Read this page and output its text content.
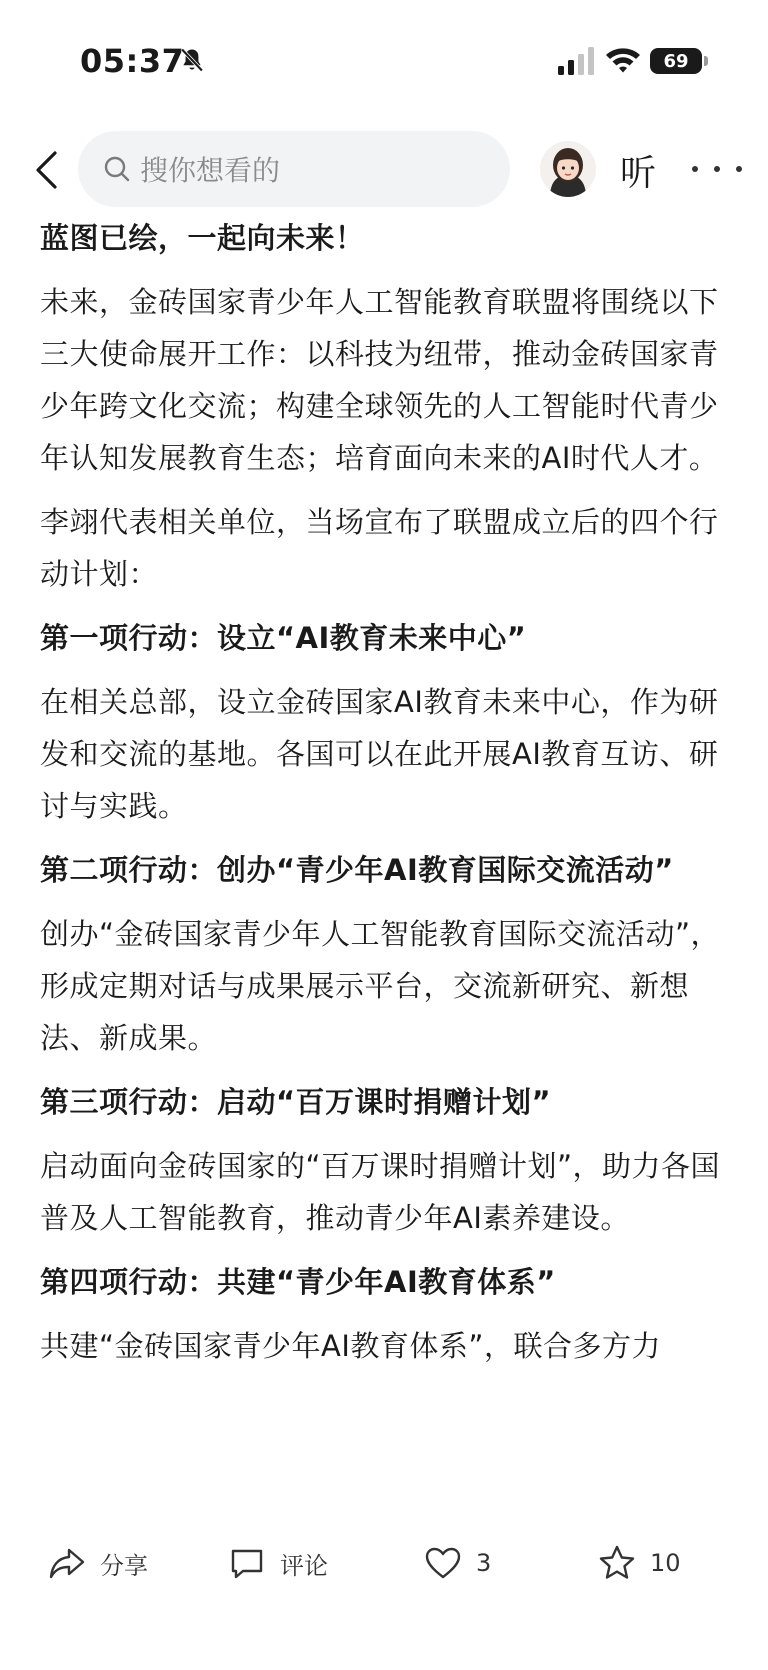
05:37	69
搜你想看的	听

蓝图已绘，一起向未来！

未来，金砖国家青少年人工智能教育联盟将围绕以下三大使命展开工作：以科技为纽带，推动金砖国家青少年跨文化交流；构建全球领先的人工智能时代青少年认知发展教育生态；培育面向未来的AI时代人才。

李翊代表相关单位，当场宣布了联盟成立后的四个行动计划：

第一项行动：设立“AI教育未来中心”

在相关总部，设立金砖国家AI教育未来中心，作为研发和交流的基地。各国可以在此开展AI教育互访、研讨与实践。

第二项行动：创办“青少年AI教育国际交流活动”

创办“金砖国家青少年人工智能教育国际交流活动”，形成定期对话与成果展示平台，交流新研究、新想法、新成果。

第三项行动：启动“百万课时捐赠计划”

启动面向金砖国家的“百万课时捐赠计划”，助力各国普及人工智能教育，推动青少年AI素养建设。

第四项行动：共建“青少年AI教育体系”

共建“金砖国家青少年AI教育体系”，联合多方力

分享	评论	3	10
